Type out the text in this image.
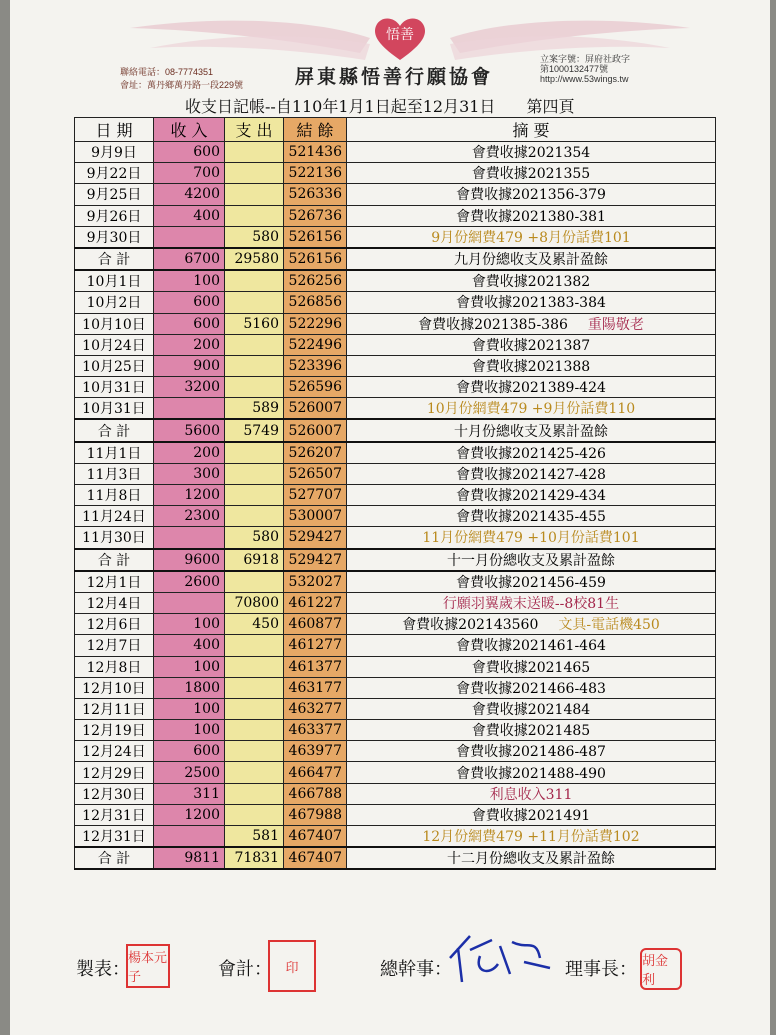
悟善
聯絡電話：08-7774351
會址：萬丹鄉萬丹路一段229號	屏東縣悟善行願協會
立案字號：屏府社政字
第1000132477號
http://www.53wings.tw
收支日記帳--自110年1月1日起至12月31日 第四頁
日 期	收 入	支 出	結 餘	摘 要
9月9日	600		521436	會費收據2021354
9月22日	700		522136	會費收據2021355
9月25日	4200		526336	會費收據2021356-379
9月26日	400		526736	會費收據2021380-381
9月30日		580	526156	9月份網費479 +8月份話費101
合 計	6700	29580	526156	九月份總收支及累計盈餘
10月1日	100		526256	會費收據2021382
10月2日	600		526856	會費收據2021383-384
10月10日	600	5160	522296	會費收據2021385-386 重陽敬老
10月24日	200		522496	會費收據2021387
10月25日	900		523396	會費收據2021388
10月31日	3200		526596	會費收據2021389-424
10月31日		589	526007	10月份網費479 +9月份話費110
合 計	5600	5749	526007	十月份總收支及累計盈餘
11月1日	200		526207	會費收據2021425-426
11月3日	300		526507	會費收據2021427-428
11月8日	1200		527707	會費收據2021429-434
11月24日	2300		530007	會費收據2021435-455
11月30日		580	529427	11月份網費479 +10月份話費101
合 計	9600	6918	529427	十一月份總收支及累計盈餘
12月1日	2600		532027	會費收據2021456-459
12月4日		70800	461227	行願羽翼歲末送暖--8校81生
12月6日	100	450	460877	會費收據202143560 文具-電話機450
12月7日	400		461277	會費收據2021461-464
12月8日	100		461377	會費收據2021465
12月10日	1800		463177	會費收據2021466-483
12月11日	100		463277	會費收據2021484
12月19日	100		463377	會費收據2021485
12月24日	600		463977	會費收據2021486-487
12月29日	2500		466477	會費收據2021488-490
12月30日	311		466788	利息收入311
12月31日	1200		467988	會費收據2021491
12月31日		581	467407	12月份網費479 +11月份話費102
合 計	9811	71831	467407	十二月份總收支及累計盈餘
製表：
楊本元子	會計：	印	總幹事：	理事長： 胡金利
